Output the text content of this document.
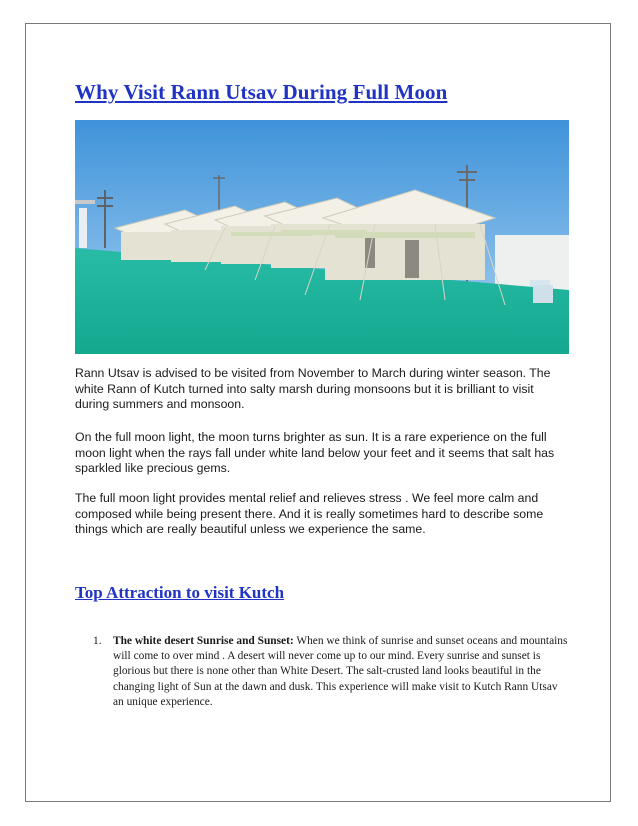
Why Visit Rann Utsav During Full Moon

Rann Utsav is advised to be visited from November to March during winter season. The white Rann of Kutch turned into salty marsh during monsoons but it is brilliant to visit during summers and monsoon.

On the full moon light, the moon turns brighter as sun. It is a rare experience on the full moon light when the rays fall under white land below your feet and it seems that salt has sparkled like precious gems.

The full moon light provides mental relief and relieves stress . We feel more calm and composed while being present there. And it is really sometimes hard to describe some things which are really beautiful unless we experience the same.

Top Attraction to visit Kutch
1. The white desert Sunrise and Sunset: When we think of sunrise and sunset oceans and mountains will come to over mind . A desert will never come up to our mind. Every sunrise and sunset is glorious but there is none other than White Desert. The salt-crusted land looks beautiful in the changing light of Sun at the dawn and dusk. This experience will make visit to Kutch Rann Utsav an unique experience.
